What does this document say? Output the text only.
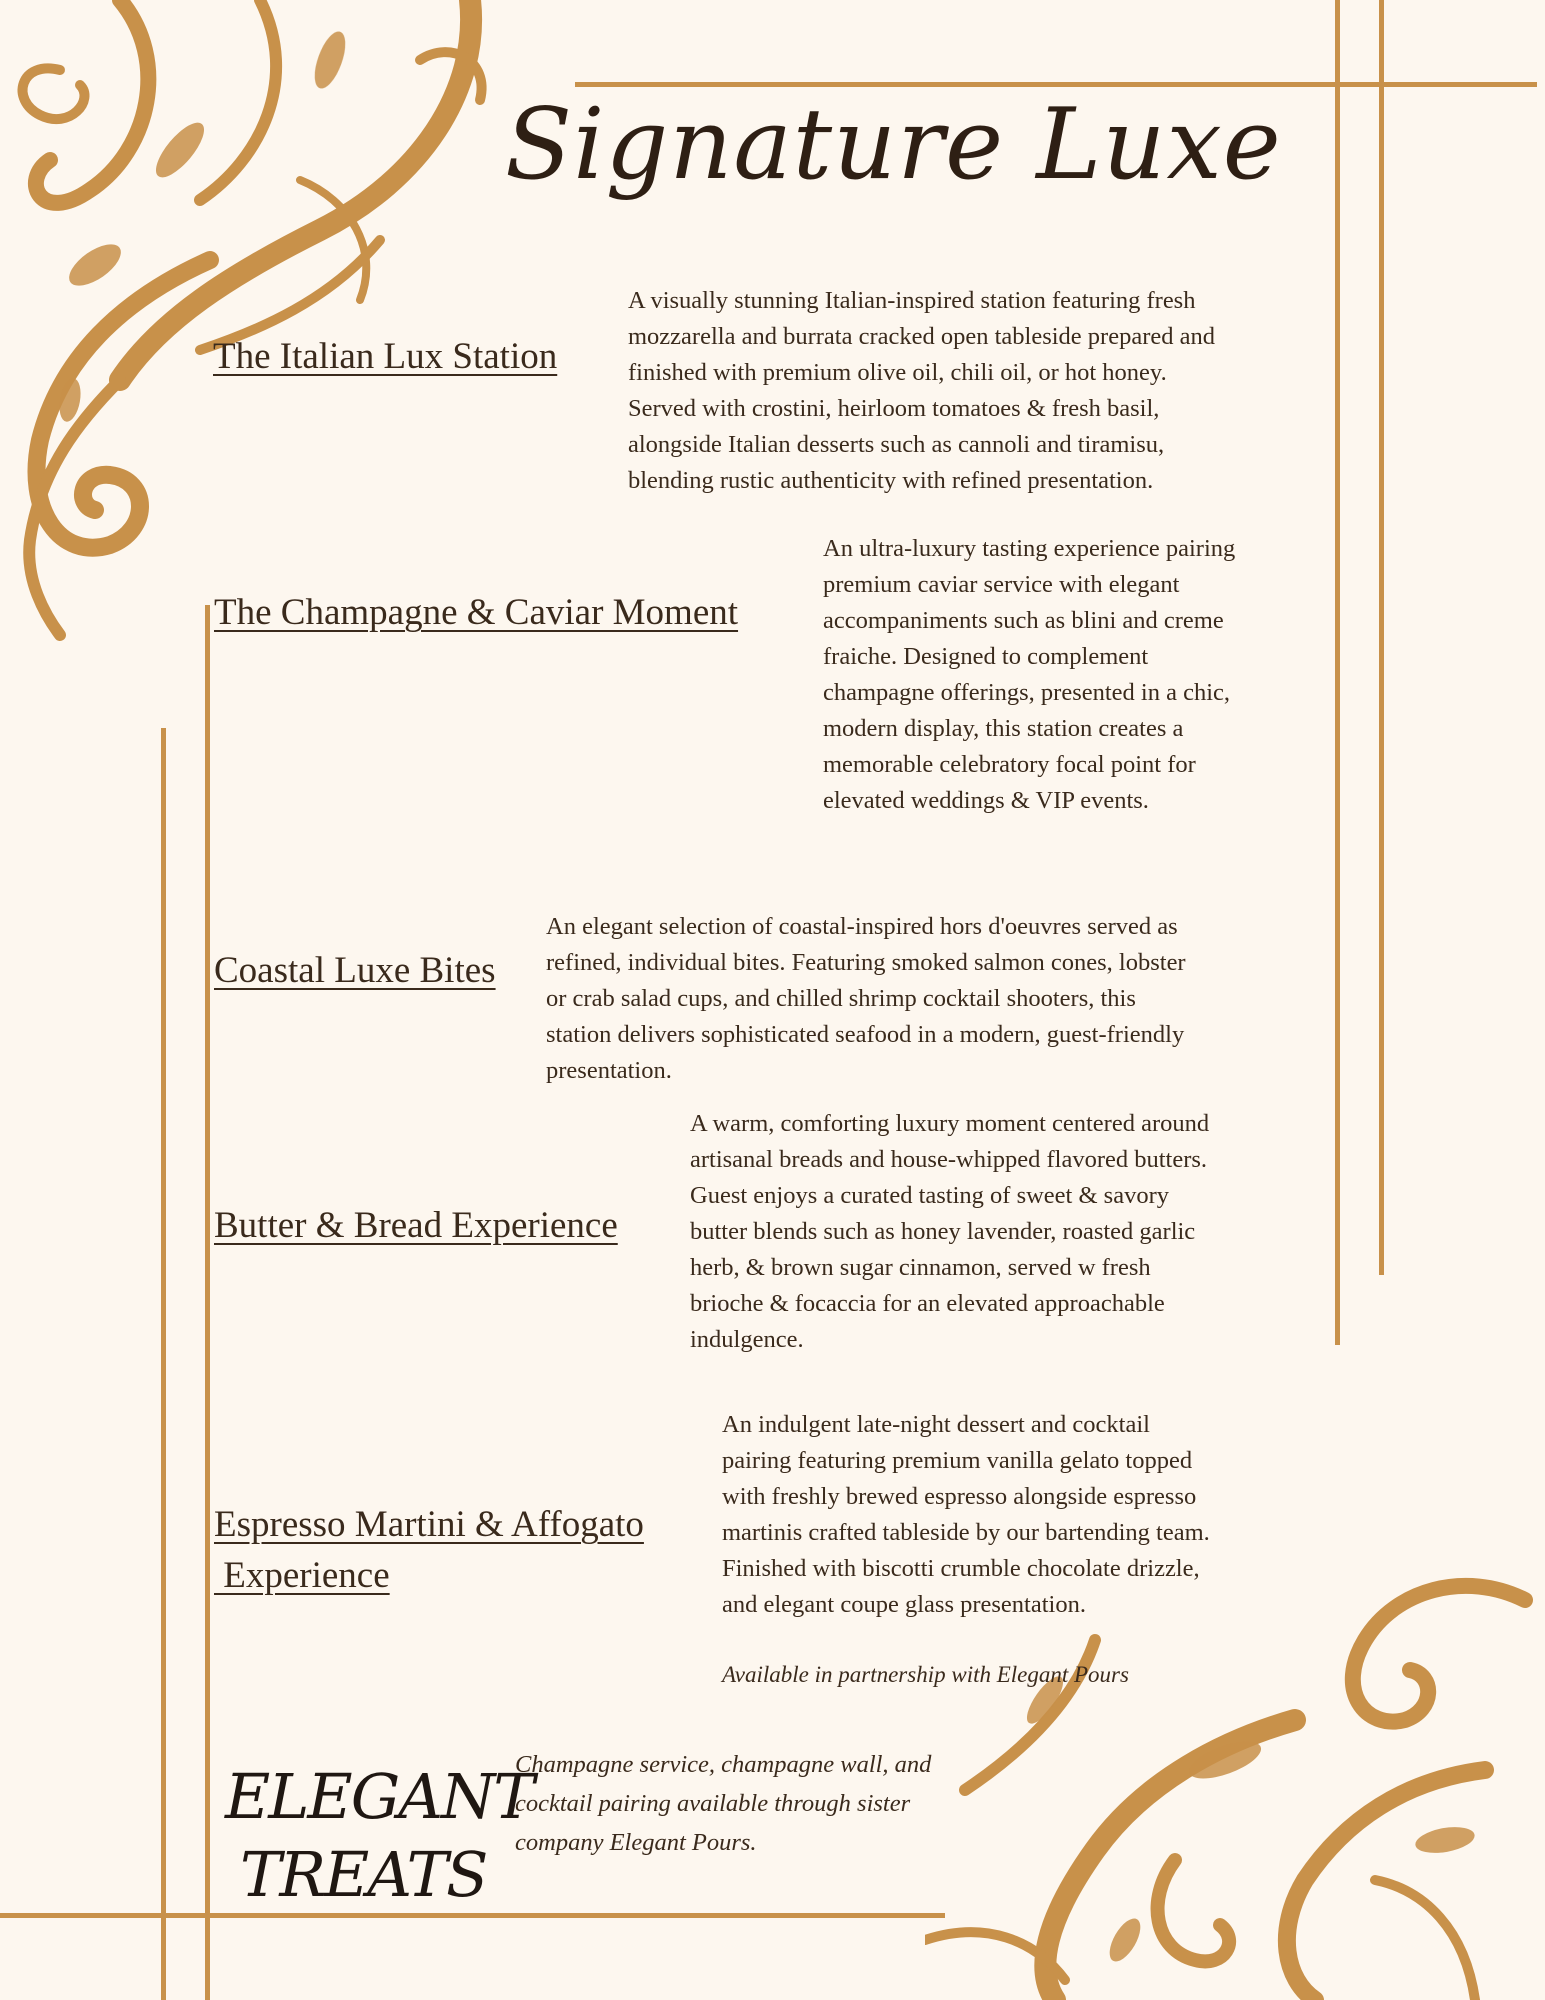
Signature Luxe
The Italian Lux Station
A visually stunning Italian-inspired station featuring fresh
mozzarella and burrata cracked open tableside prepared and
finished with premium olive oil, chili oil, or hot honey.
Served with crostini, heirloom tomatoes & fresh basil,
alongside Italian desserts such as cannoli and tiramisu,
blending rustic authenticity with refined presentation.
The Champagne & Caviar Moment
An ultra-luxury tasting experience pairing
premium caviar service with elegant
accompaniments such as blini and creme
fraiche. Designed to complement
champagne offerings, presented in a chic,
modern display, this station creates a
memorable celebratory focal point for
elevated weddings & VIP events.
Coastal Luxe Bites
An elegant selection of coastal-inspired hors d'oeuvres served as
refined, individual bites. Featuring smoked salmon cones, lobster
or crab salad cups, and chilled shrimp cocktail shooters, this
station delivers sophisticated seafood in a modern, guest-friendly
presentation.
Butter & Bread Experience
A warm, comforting luxury moment centered around
artisanal breads and house-whipped flavored butters.
Guest enjoys a curated tasting of sweet & savory
butter blends such as honey lavender, roasted garlic
herb, & brown sugar cinnamon, served w fresh
brioche & focaccia for an elevated approachable
indulgence.
Espresso Martini & Affogato
Experience
An indulgent late-night dessert and cocktail
pairing featuring premium vanilla gelato topped
with freshly brewed espresso alongside espresso
martinis crafted tableside by our bartending team.
Finished with biscotti crumble chocolate drizzle,
and elegant coupe glass presentation.
Available in partnership with Elegant Pours
ELEGANT
TREATS
Champagne service, champagne wall, and
cocktail pairing available through sister
company Elegant Pours.
